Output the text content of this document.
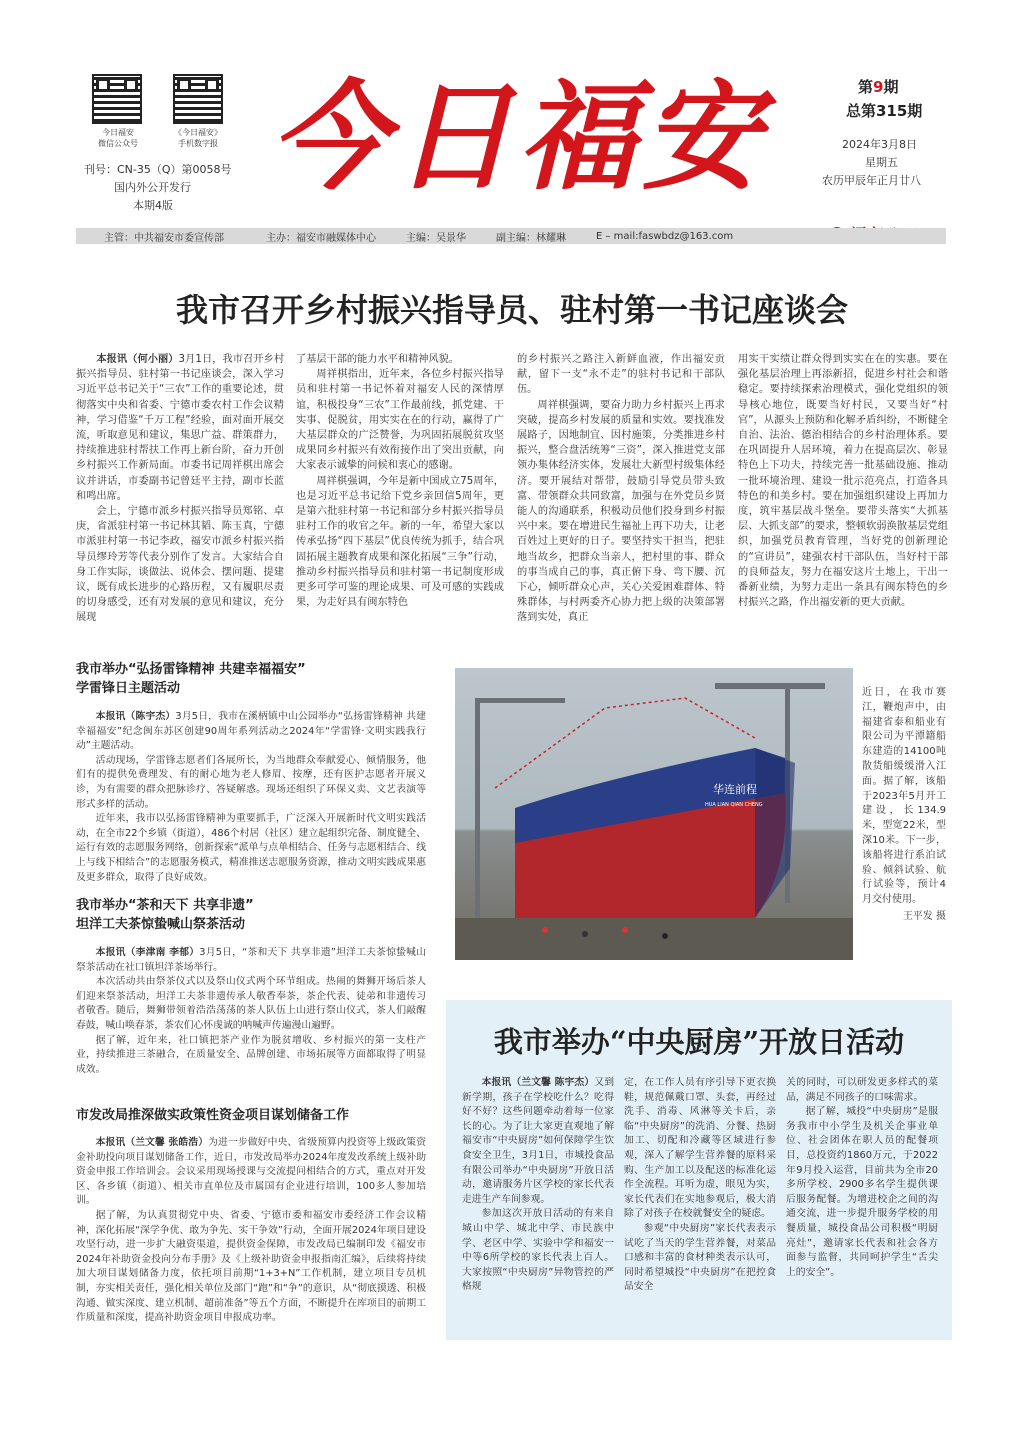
今日福安
微信公众号
《今日福安》
手机数字报
刊号：CN-35（Q）第0058号
国内外公开发行
本期4版 今日福安	第9期
总第315期
2024年3月8日
星期五
农历甲辰年正月廿八
主管：中共福安市委宣传部	主办：福安市融媒体中心	主编：吴景华	副主编：林耀琳	E – mail:faswbdz@163.com
我市召开乡村振兴指导员、驻村第一书记座谈会

本报讯（何小丽）3月1日，我市召开乡村振兴指导员、驻村第一书记座谈会，深入学习习近平总书记关于“三农”工作的重要论述，贯彻落实中央和省委、宁德市委农村工作会议精神，学习借鉴“千万工程”经验，面对面开展交流，听取意见和建议，集思广益、群策群力，持续推进驻村帮扶工作再上新台阶，奋力开创乡村振兴工作新局面。市委书记周祥棋出席会议并讲话，市委副书记曾廷平主持，副市长蓝和鸣出席。

会上，宁德市派乡村振兴指导员郑铭、卓庚，省派驻村第一书记林其韬、陈玉真，宁德市派驻村第一书记李政，福安市派乡村振兴指导员缪玲芳等代表分别作了发言。大家结合自身工作实际，谈做法、说体会、摆问题、提建议，既有成长进步的心路历程，又有履职尽责的切身感受，还有对发展的意见和建议，充分展现

了基层干部的能力水平和精神风貌。

周祥棋指出，近年来，各位乡村振兴指导员和驻村第一书记怀着对福安人民的深情厚谊，积极投身“三农”工作最前线，抓党建、干实事、促脱贫，用实实在在的行动，赢得了广大基层群众的广泛赞誉，为巩固拓展脱贫攻坚成果同乡村振兴有效衔接作出了突出贡献，向大家表示诚挚的问候和衷心的感谢。

周祥棋强调，今年是新中国成立75周年，也是习近平总书记给下党乡亲回信5周年，更是第六批驻村第一书记和部分乡村振兴指导员驻村工作的收官之年。新的一年，希望大家以传承弘扬“四下基层”优良传统为抓手，结合巩固拓展主题教育成果和深化拓展“三争”行动，推动乡村振兴指导员和驻村第一书记制度形成更多可学可鉴的理论成果、可及可感的实践成果，为走好具有闽东特色

的乡村振兴之路注入新鲜血液，作出福安贡献，留下一支“永不走”的驻村书记和干部队伍。

周祥棋强调，要奋力助力乡村振兴上再求突破，提高乡村发展的质量和实效。要找准发展路子，因地制宜、因村施策，分类推进乡村振兴，整合盘活统筹“三资”，深入推进党支部领办集体经济实体，发展壮大新型村级集体经济。要开展结对帮带，鼓励引导党员带头致富、带领群众共同致富，加强与在外党员乡贤能人的沟通联系，积极动员他们投身到乡村振兴中来。要在增进民生福祉上再下功夫，让老百姓过上更好的日子。要坚持实干担当，把驻地当故乡，把群众当亲人，把村里的事、群众的事当成自己的事，真正俯下身、弯下腰、沉下心，倾听群众心声，关心关爱困难群体、特殊群体，与村两委齐心协力把上级的决策部署落到实处，真正

用实干实绩让群众得到实实在在的实惠。要在强化基层治理上再添新招，促进乡村社会和谐稳定。要持续探索治理模式，强化党组织的领导核心地位，既要当好村民，又要当好“村官”，从源头上预防和化解矛盾纠纷，不断健全自治、法治、德治相结合的乡村治理体系。要在巩固提升人居环境，着力在提高层次、彰显特色上下功夫，持续完善一批基础设施、推动一批环境治理、建设一批示范亮点，打造各具特色的和美乡村。要在加强组织建设上再加力度，筑牢基层战斗堡垒。要带头落实“大抓基层、大抓支部”的要求，整顿软弱涣散基层党组织，加强党员教育管理，当好党的创新理论的“宣讲员”，建强农村干部队伍，当好村干部的良师益友，努力在福安这片土地上，干出一番新业绩，为努力走出一条具有闽东特色的乡村振兴之路，作出福安新的更大贡献。

我市举办“弘扬雷锋精神 共建幸福福安”
学雷锋日主题活动

本报讯（陈宇杰）3月5日，我市在溪柄镇中山公园举办“弘扬雷锋精神 共建幸福福安”纪念闽东苏区创建90周年系列活动之2024年“学雷锋·文明实践我行动”主题活动。

活动现场，学雷锋志愿者们各展所长，为当地群众奉献爱心、倾情服务，他们有的提供免费理发、有的耐心地为老人修眉、按摩，还有医护志愿者开展义诊，为有需要的群众把脉诊疗、答疑解惑。现场还组织了环保义卖、文艺表演等形式多样的活动。

近年来，我市以弘扬雷锋精神为重要抓手，广泛深入开展新时代文明实践活动，在全市22个乡镇（街道），486个村居（社区）建立起组织完备、制度健全、运行有效的志愿服务网络，创新探索“派单与点单相结合、任务与志愿相结合、线上与线下相结合”的志愿服务模式，精准推送志愿服务资源，推动文明实践成果惠及更多群众，取得了良好成效。

我市举办“茶和天下 共享非遗”
坦洋工夫茶惊蛰喊山祭茶活动

本报讯（李津南 李郁）3月5日，“茶和天下 共享非遗”坦洋工夫茶惊蛰喊山祭茶活动在社口镇坦洋茶场举行。

本次活动共由祭茶仪式以及祭山仪式两个环节组成。热闹的舞狮开场后茶人们迎来祭茶活动，坦洋工夫茶非遗传承人敬香奉茶，茶企代表、徒弟和非遗传习者敬香。随后，舞狮带领着浩浩荡荡的茶人队伍上山进行祭山仪式，茶人们敲醒春鼓，喊山唤春茶，茶农们心怀虔诚的呐喊声传遍漫山遍野。

据了解，近年来，社口镇把茶产业作为脱贫增收、乡村振兴的第一支柱产业，持续推进三茶融合，在质量安全、品牌创建、市场拓展等方面都取得了明显成效。

市发改局推深做实政策性资金项目谋划储备工作

本报讯（兰文馨 张皓浩）为进一步做好中央、省级预算内投资等上级政策资金补助投向项目谋划储备工作，近日，市发改局举办2024年度发改系统上级补助资金申报工作培训会。会议采用现场授课与交流提问相结合的方式，重点对开发区、各乡镇（街道）、相关市直单位及市属国有企业进行培训，100多人参加培训。

据了解，为认真贯彻党中央、省委、宁德市委和福安市委经济工作会议精神，深化拓展“深学争优、敢为争先、实干争效”行动，全面开展2024年项目建设攻坚行动，进一步扩大融资渠道，提供资金保障，市发改局已编制印发《福安市2024年补助资金投向分布手册》及《上级补助资金申报指南汇编》，后续将持续加大项目谋划储备力度，依托项目前期“1+3+N”工作机制，建立项目专员机制，夯实相关责任，强化相关单位及部门“跑”和“争”的意识，从“彻底摸透、积极沟通、做实深度、建立机制、超前准备”等五个方面，不断提升在库项目的前期工作质量和深度，提高补助资金项目申报成功率。

华连前程
HUA LIAN QIAN CHENG
近日，在我市赛江，鞭炮声中，由福建省泰和船业有限公司为平潭籍船东建造的14100吨散货船缓缓滑入江面。据了解，该船于2023年5月开工建设，长134.9米，型宽22米，型深10米。下一步，该船将进行系泊试验、倾斜试验、航行试验等，预计4月交付使用。
王平发 摄
我市举办“中央厨房”开放日活动

本报讯（兰文馨 陈宇杰）又到新学期，孩子在学校吃什么？吃得好不好？这些问题牵动着每一位家长的心。为了让大家更直观地了解福安市“中央厨房”如何保障学生饮食安全卫生，3月1日，市城投食品有限公司举办“中央厨房”开放日活动，邀请服务片区学校的家长代表走进生产车间参观。

参加这次开放日活动的有来自城山中学、城北中学、市民族中学、老区中学、实验中学和福安一中等6所学校的家长代表上百人。大家按照“中央厨房”异物管控的严格规

定，在工作人员有序引导下更衣换鞋，规范佩戴口罩、头套，再经过洗手、消毒、风淋等关卡后，亲临“中央厨房”的洗消、分餐、热厨加工、切配和冷藏等区域进行参观，深入了解学生营养餐的原料采购、生产加工以及配送的标准化运作全流程。耳听为虚，眼见为实，家长代表们在实地参观后，极大消除了对孩子在校就餐安全的疑虑。

参观“中央厨房”家长代表表示试吃了当天的学生营养餐，对菜品口感和丰富的食材种类表示认可，同时希望城投“中央厨房”在把控食品安全

关的同时，可以研发更多样式的菜品，满足不同孩子的口味需求。

据了解，城投“中央厨房”是服务我市中小学生及机关企事业单位、社会团体在职人员的配餐项目，总投资约1860万元，于2022年9月投入运营，目前共为全市20多所学校、2900多名学生提供课后服务配餐。为增进校企之间的沟通交流，进一步提升服务学校的用餐质量，城投食品公司积极“明厨亮灶”，邀请家长代表和社会各方面参与监督，共同呵护学生“舌尖上的安全”。
